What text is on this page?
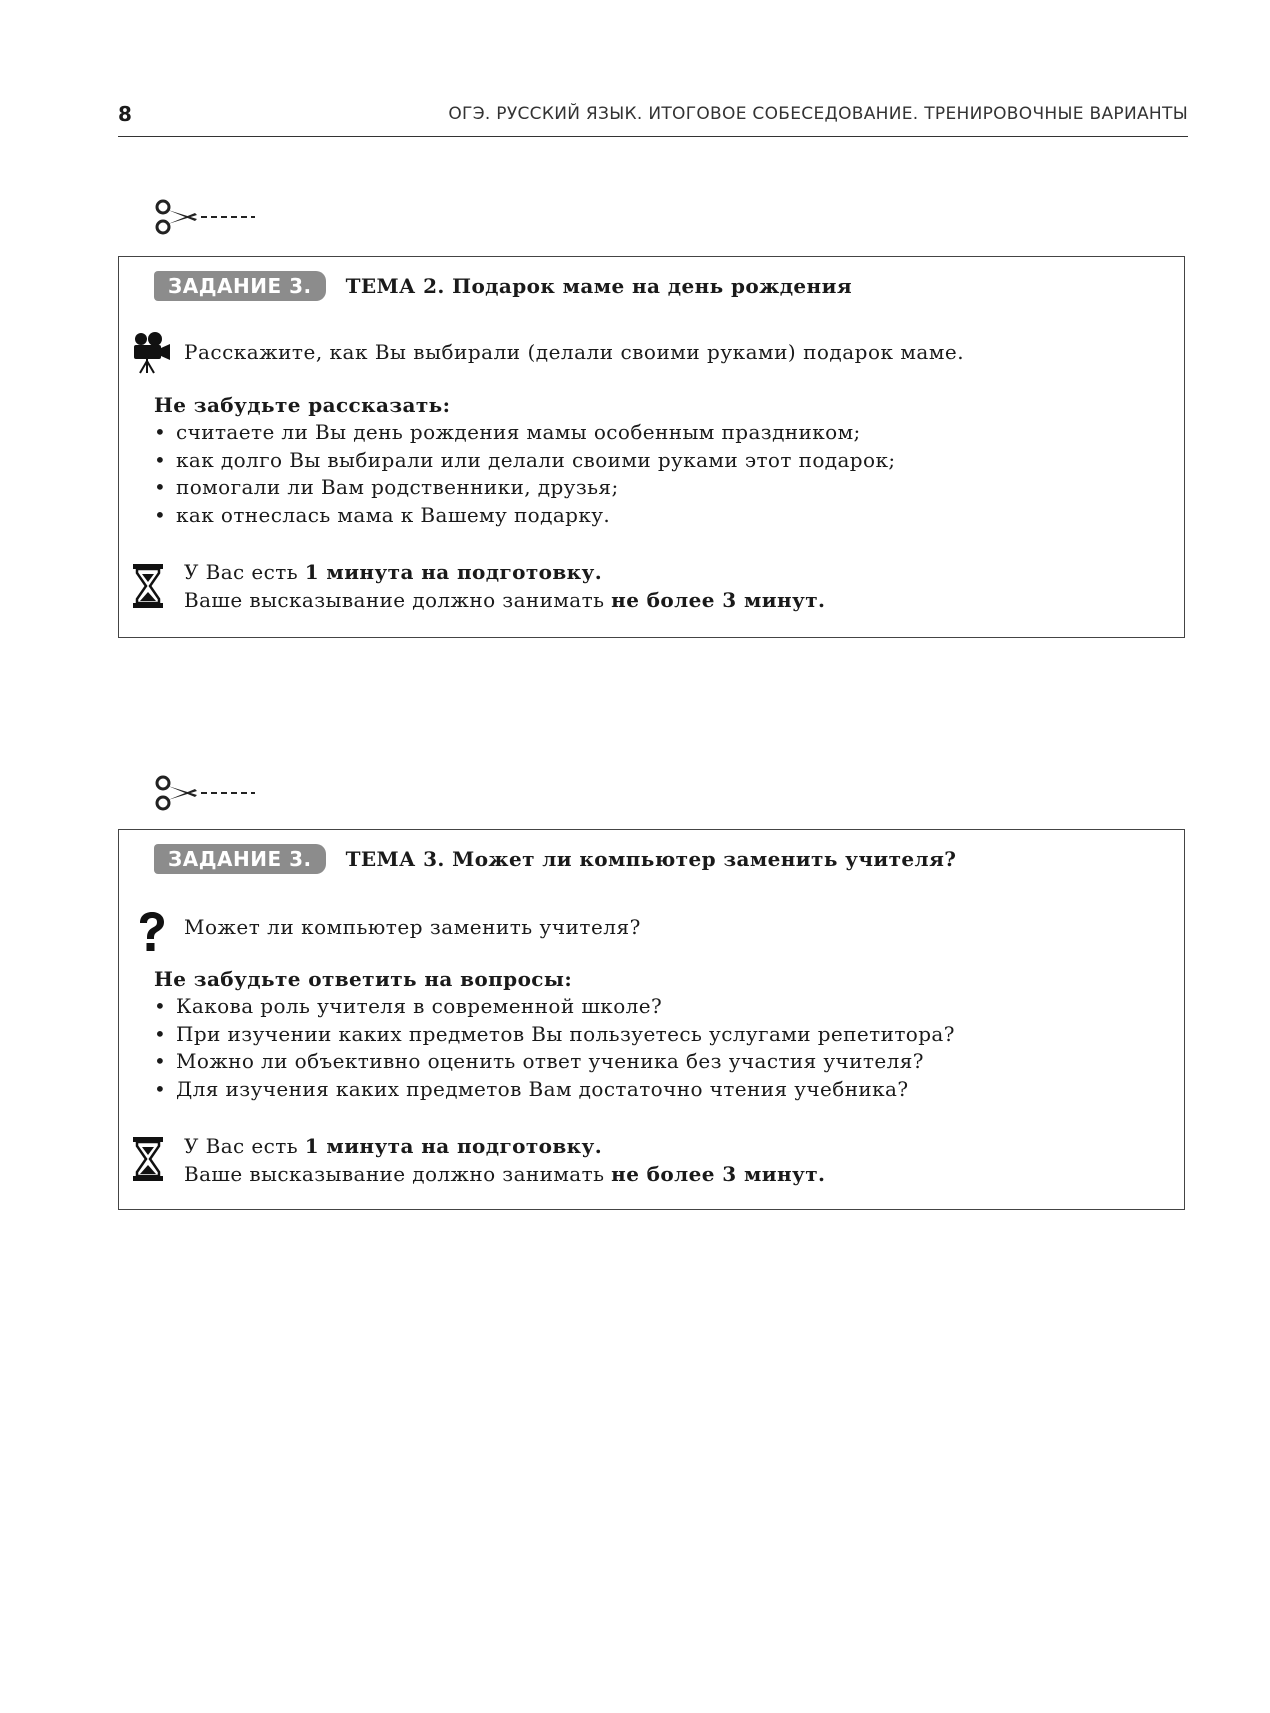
8	ОГЭ. РУССКИЙ ЯЗЫК. ИТОГОВОЕ СОБЕСЕДОВАНИЕ. ТРЕНИРОВОЧНЫЕ ВАРИАНТЫ
ЗАДАНИЕ 3.	ТЕМА 2. Подарок маме на день рождения
Расскажите, как Вы выбирали (делали своими руками) подарок маме.
Не забудьте рассказать:
• считаете ли Вы день рождения мамы особенным праздником;
• как долго Вы выбирали или делали своими руками этот подарок;
• помогали ли Вам родственники, друзья;
• как отнеслась мама к Вашему подарку.
У Вас есть 1 минута на подготовку.
Ваше высказывание должно занимать не более 3 минут.
ЗАДАНИЕ 3.	ТЕМА 3. Может ли компьютер заменить учителя?
Может ли компьютер заменить учителя?
Не забудьте ответить на вопросы:
• Какова роль учителя в современной школе?
• При изучении каких предметов Вы пользуетесь услугами репетитора?
• Можно ли объективно оценить ответ ученика без участия учителя?
• Для изучения каких предметов Вам достаточно чтения учебника?
У Вас есть 1 минута на подготовку.
Ваше высказывание должно занимать не более 3 минут.
